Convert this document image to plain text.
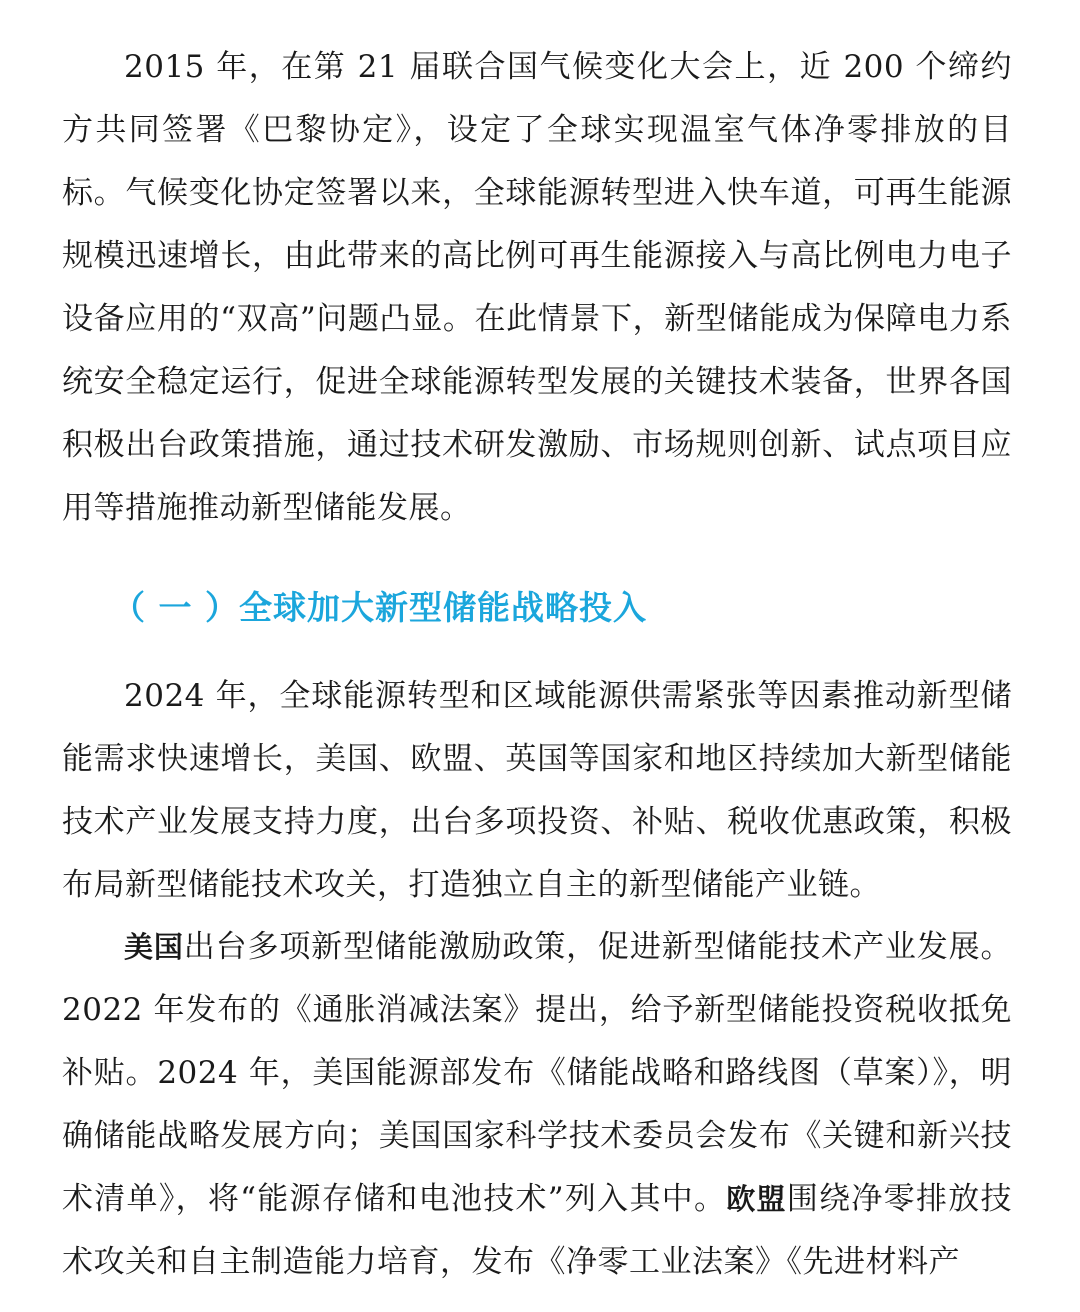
2015 年，在第 21 届联合国气候变化大会上，近 200 个缔约方共同签署《巴黎协定》，设定了全球实现温室气体净零排放的目标。气候变化协定签署以来，全球能源转型进入快车道，可再生能源规模迅速增长，由此带来的高比例可再生能源接入与高比例电力电子设备应用的“双高”问题凸显。在此情景下，新型储能成为保障电力系统安全稳定运行，促进全球能源转型发展的关键技术装备，世界各国积极出台政策措施，通过技术研发激励、市场规则创新、试点项目应用等措施推动新型储能发展。

（ 一 ）全球加大新型储能战略投入

2024 年，全球能源转型和区域能源供需紧张等因素推动新型储能需求快速增长，美国、欧盟、英国等国家和地区持续加大新型储能技术产业发展支持力度，出台多项投资、补贴、税收优惠政策，积极布局新型储能技术攻关，打造独立自主的新型储能产业链。

美国出台多项新型储能激励政策，促进新型储能技术产业发展。2022 年发布的《通胀消减法案》提出，给予新型储能投资税收抵免补贴。2024 年，美国能源部发布《储能战略和路线图（草案）》，明确储能战略发展方向；美国国家科学技术委员会发布《关键和新兴技术清单》，将“能源存储和电池技术”列入其中。欧盟围绕净零排放技术攻关和自主制造能力培育，发布《净零工业法案》《先进材料产
